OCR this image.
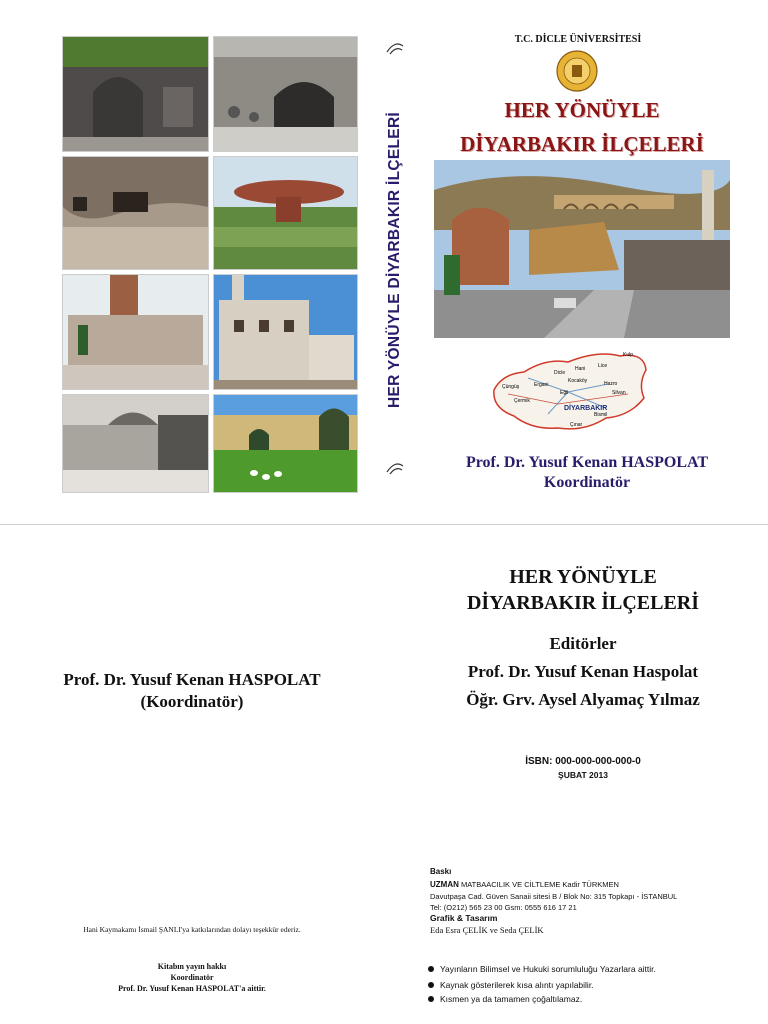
HER YÖNÜYLE DİYARBAKIR İLÇELERİ
T.C. DİCLE ÜNİVERSİTESİ
HER YÖNÜYLE
DİYARBAKIR İLÇELERİ
Kulp
Lice
Hani
Dicle
Hazro
Kocaköy
Silvan
Eğil
Ergani
Çüngüş
Çermik
Bismil
Çınar
DİYARBAKIR
Prof. Dr. Yusuf Kenan HASPOLAT
Koordinatör
Prof. Dr. Yusuf Kenan HASPOLAT
(Koordinatör)
Hani Kaymakamı İsmail ŞANLI'ya katkılarından dolayı teşekkür ederiz.
Kitabın yayın hakkı
Koordinatör
Prof. Dr. Yusuf Kenan HASPOLAT'a aittir.
HER YÖNÜYLE
DİYARBAKIR İLÇELERİ
Editörler
Prof. Dr. Yusuf Kenan Haspolat
Öğr. Grv. Aysel Alyamaç Yılmaz
İSBN: 000-000-000-000-0
ŞUBAT 2013
Baskı
UZMAN MATBAACILIK VE CİLTLEME Kadir TÜRKMEN
Davutpaşa Cad. Güven Sanaii sitesi B / Blok No: 315 Topkapı - İSTANBUL
Tel: (O212) 565 23 00 Gsm: 0555 616 17 21
Grafik & Tasarım
Eda Esra ÇELİK ve Seda ÇELİK
Yayınların Bilimsel ve Hukuki sorumluluğu Yazarlara aittir.
Kaynak gösterilerek kısa alıntı yapılabilir.
Kısmen ya da tamamen çoğaltılamaz.
